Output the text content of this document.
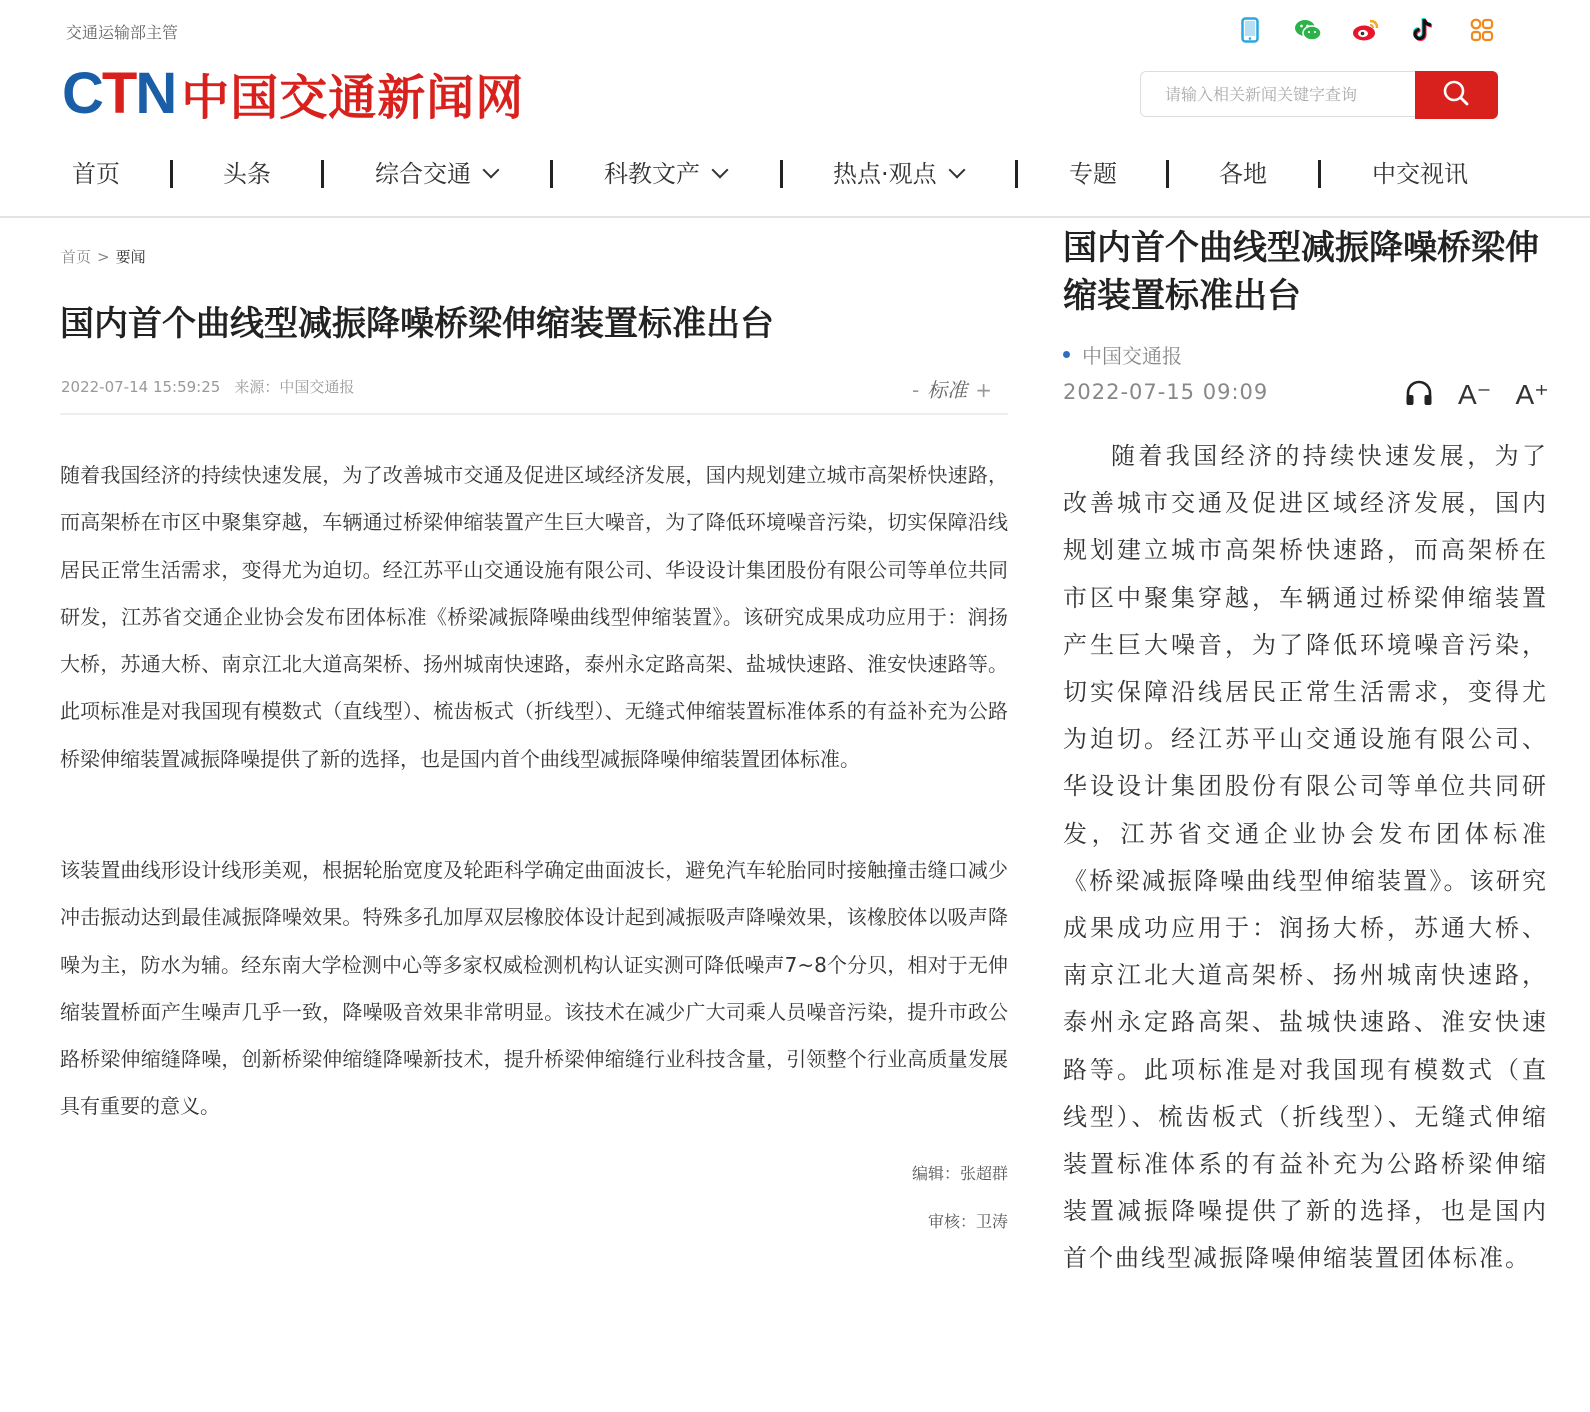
交通运输部主管
CTN 中国交通新闻网
请输入相关新闻关键字查询
首页	头条	综合交通	科教文产	热点·观点	专题	各地	中交视讯
首页 > 要闻
国内首个曲线型减振降噪桥梁伸缩装置标准出台
2022-07-14 15:59:25 来源：中国交通报	- 标准 +

随着我国经济的持续快速发展，为了改善城市交通及促进区域经济发展，国内规划建立城市高架桥快速路，而高架桥在市区中聚集穿越，车辆通过桥梁伸缩装置产生巨大噪音，为了降低环境噪音污染，切实保障沿线居民正常生活需求，变得尤为迫切。经江苏平山交通设施有限公司、华设设计集团股份有限公司等单位共同研发，江苏省交通企业协会发布团体标准《桥梁减振降噪曲线型伸缩装置》。该研究成果成功应用于：润扬大桥，苏通大桥、南京江北大道高架桥、扬州城南快速路，泰州永定路高架、盐城快速路、淮安快速路等。此项标准是对我国现有模数式（直线型）、梳齿板式（折线型）、无缝式伸缩装置标准体系的有益补充为公路桥梁伸缩装置减振降噪提供了新的选择，也是国内首个曲线型减振降噪伸缩装置团体标准。

该装置曲线形设计线形美观，根据轮胎宽度及轮距科学确定曲面波长，避免汽车轮胎同时接触撞击缝口减少冲击振动达到最佳减振降噪效果。特殊多孔加厚双层橡胶体设计起到减振吸声降噪效果，该橡胶体以吸声降噪为主，防水为辅。经东南大学检测中心等多家权威检测机构认证实测可降低噪声7~8个分贝，相对于无伸缩装置桥面产生噪声几乎一致，降噪吸音效果非常明显。该技术在减少广大司乘人员噪音污染，提升市政公路桥梁伸缩缝降噪，创新桥梁伸缩缝降噪新技术，提升桥梁伸缩缝行业科技含量，引领整个行业高质量发展具有重要的意义。

编辑：张超群
审核：卫涛
国内首个曲线型减振降噪桥梁伸缩装置标准出台
中国交通报
2022-07-15 09:09	A⁻ A⁺

随着我国经济的持续快速发展，为了改善城市交通及促进区域经济发展，国内规划建立城市高架桥快速路，而高架桥在市区中聚集穿越，车辆通过桥梁伸缩装置产生巨大噪音，为了降低环境噪音污染，切实保障沿线居民正常生活需求，变得尤为迫切。经江苏平山交通设施有限公司、华设设计集团股份有限公司等单位共同研发，江苏省交通企业协会发布团体标准《桥梁减振降噪曲线型伸缩装置》。该研究成果成功应用于：润扬大桥，苏通大桥、南京江北大道高架桥、扬州城南快速路，泰州永定路高架、盐城快速路、淮安快速路等。此项标准是对我国现有模数式（直线型）、梳齿板式（折线型）、无缝式伸缩装置标准体系的有益补充为公路桥梁伸缩装置减振降噪提供了新的选择，也是国内首个曲线型减振降噪伸缩装置团体标准。
